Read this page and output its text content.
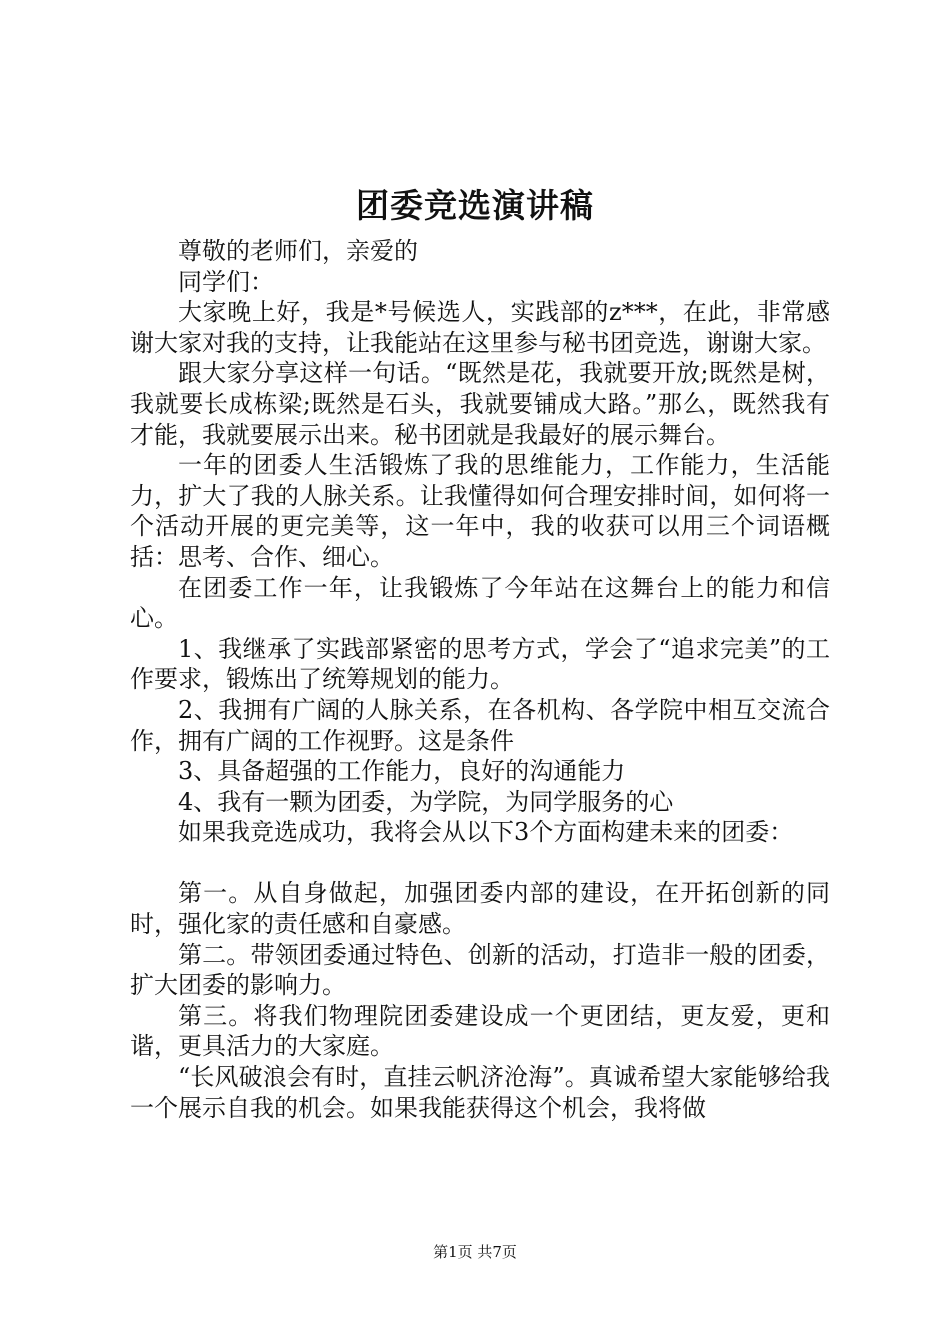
团委竞选演讲稿

尊敬的老师们，亲爱的

同学们：

大家晚上好，我是*号候选人，实践部的z***，在此，非常感谢大家对我的支持，让我能站在这里参与秘书团竞选，谢谢大家。

跟大家分享这样一句话。“既然是花，我就要开放;既然是树，我就要长成栋梁;既然是石头，我就要铺成大路。”那么，既然我有才能，我就要展示出来。秘书团就是我最好的展示舞台。

一年的团委人生活锻炼了我的思维能力，工作能力，生活能力，扩大了我的人脉关系。让我懂得如何合理安排时间，如何将一个活动开展的更完美等，这一年中，我的收获可以用三个词语概括：思考、合作、细心。

在团委工作一年，让我锻炼了今年站在这舞台上的能力和信心。

1、我继承了实践部紧密的思考方式，学会了“追求完美”的工作要求，锻炼出了统筹规划的能力。

2、我拥有广阔的人脉关系，在各机构、各学院中相互交流合作，拥有广阔的工作视野。这是条件

3、具备超强的工作能力，良好的沟通能力

4、我有一颗为团委，为学院，为同学服务的心

如果我竞选成功，我将会从以下3个方面构建未来的团委：

第一。从自身做起，加强团委内部的建设，在开拓创新的同时，强化家的责任感和自豪感。

第二。带领团委通过特色、创新的活动，打造非一般的团委，扩大团委的影响力。

第三。将我们物理院团委建设成一个更团结，更友爱，更和谐，更具活力的大家庭。

“长风破浪会有时，直挂云帆济沧海”。真诚希望大家能够给我一个展示自我的机会。如果我能获得这个机会，我将做

第1页 共7页
